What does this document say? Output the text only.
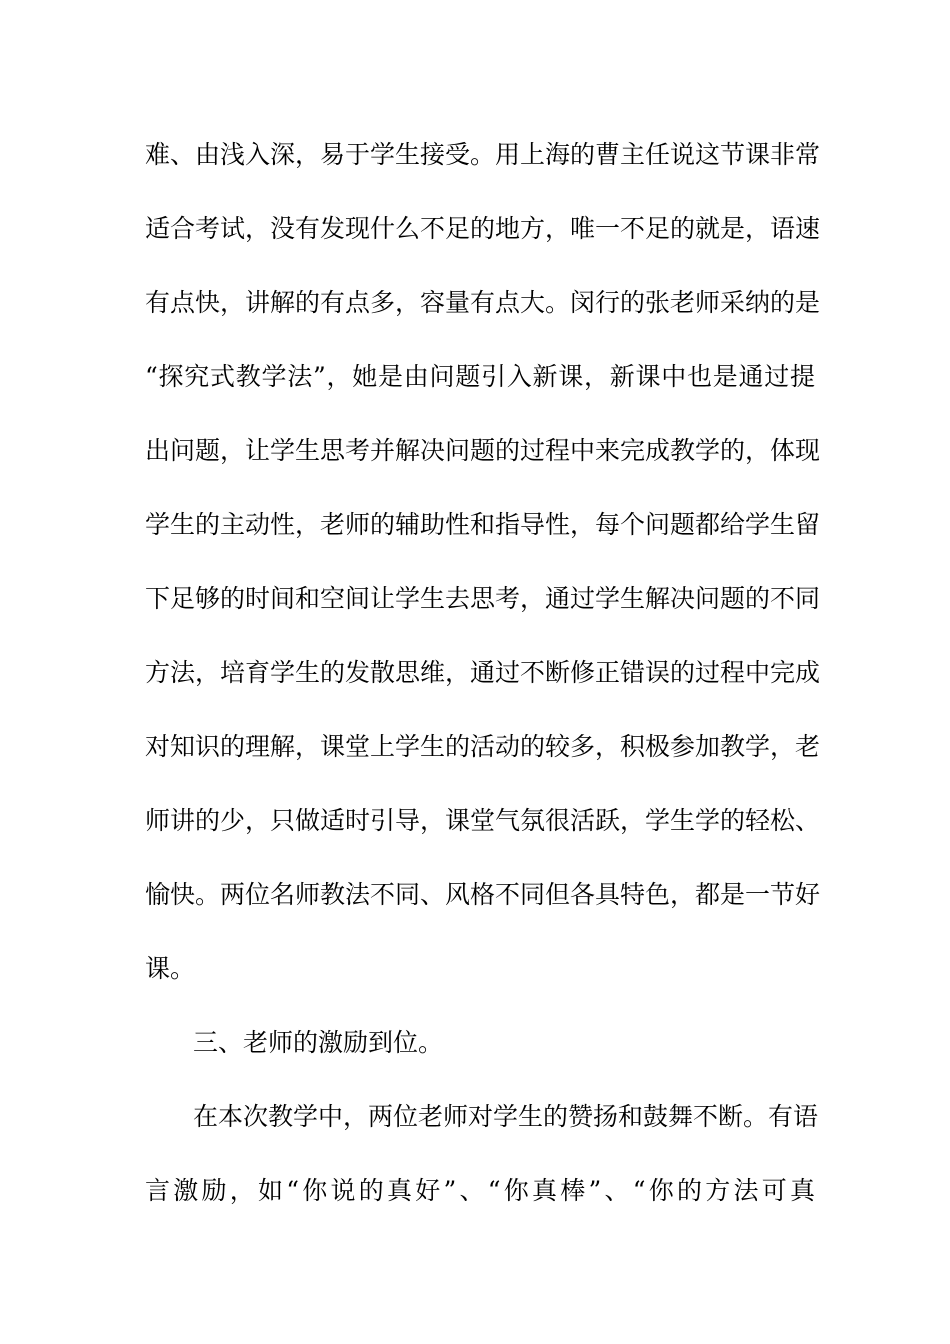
难、由浅入深，易于学生接受。用上海的曹主任说这节课非常
适合考试，没有发现什么不足的地方，唯一不足的就是，语速
有点快，讲解的有点多，容量有点大。闵行的张老师采纳的是
“探究式教学法”，她是由问题引入新课，新课中也是通过提
出问题，让学生思考并解决问题的过程中来完成教学的，体现
学生的主动性，老师的辅助性和指导性，每个问题都给学生留
下足够的时间和空间让学生去思考，通过学生解决问题的不同
方法，培育学生的发散思维，通过不断修正错误的过程中完成
对知识的理解，课堂上学生的活动的较多，积极参加教学，老
师讲的少，只做适时引导，课堂气氛很活跃，学生学的轻松、
愉快。两位名师教法不同、风格不同但各具特色，都是一节好
课。
三、老师的激励到位。
在本次教学中，两位老师对学生的赞扬和鼓舞不断。有语
言激励，如“你说的真好”、“你真棒”、“你的方法可真
